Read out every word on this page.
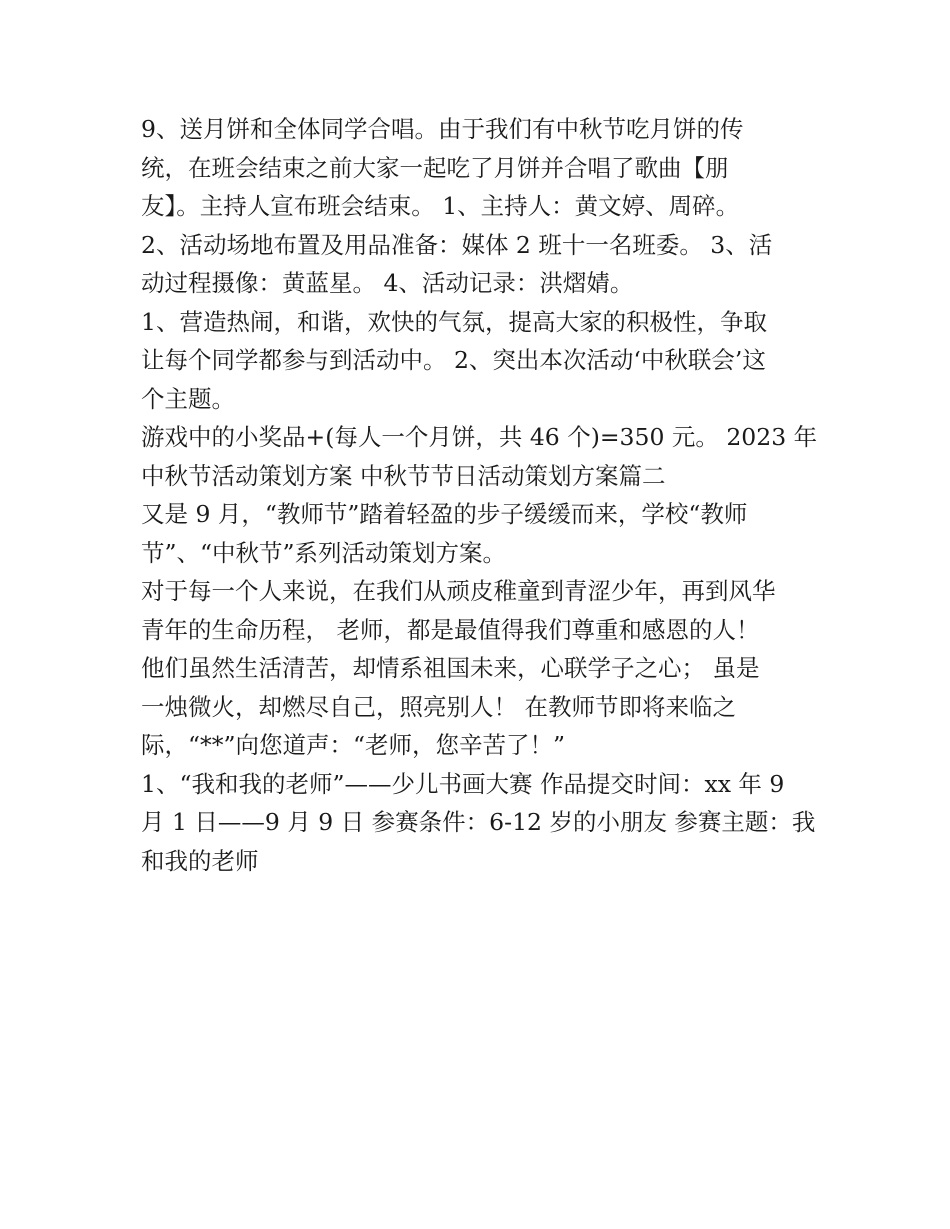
9、送月饼和全体同学合唱。由于我们有中秋节吃月饼的传
统，在班会结束之前大家一起吃了月饼并合唱了歌曲【朋
友】。主持人宣布班会结束。 1、主持人：黄文婷、周碎。
2、活动场地布置及用品准备：媒体 2 班十一名班委。 3、活
动过程摄像：黄蓝星。 4、活动记录：洪熠婧。
1、营造热闹，和谐，欢快的气氛，提高大家的积极性，争取
让每个同学都参与到活动中。 2、突出本次活动‘中秋联会’这
个主题。
游戏中的小奖品+(每人一个月饼，共 46 个)=350 元。 2023 年
中秋节活动策划方案 中秋节节日活动策划方案篇二
又是 9 月，“教师节”踏着轻盈的步子缓缓而来，学校“教师
节”、“中秋节”系列活动策划方案。
对于每一个人来说，在我们从顽皮稚童到青涩少年，再到风华
青年的生命历程， 老师，都是最值得我们尊重和感恩的人！
他们虽然生活清苦，却情系祖国未来，心联学子之心； 虽是
一烛微火，却燃尽自己，照亮别人！ 在教师节即将来临之
际，“**”向您道声：“老师，您辛苦了！”
1、“我和我的老师”——少儿书画大赛 作品提交时间：xx 年 9
月 1 日——9 月 9 日 参赛条件：6-12 岁的小朋友 参赛主题：我
和我的老师
